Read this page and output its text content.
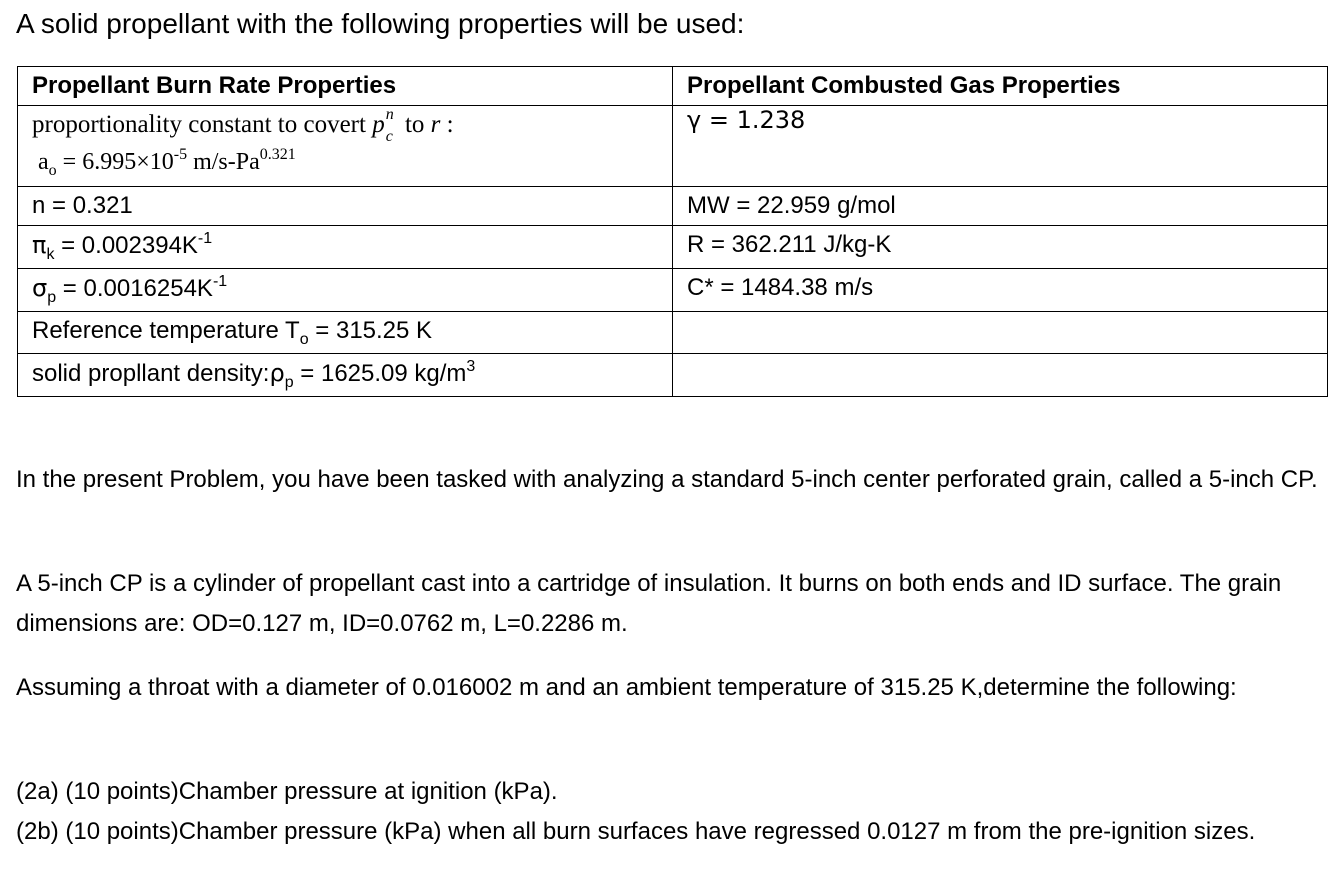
A solid propellant with the following properties will be used:
Propellant Burn Rate Properties	Propellant Combusted Gas Properties

proportionality constant to covert p n
c to r :
$a_o = 6.995\times 10^{-5}$ $m/s-Pa^{0.321}$	γ = 1.238
n = 0.321	MW = 22.959 g/mol
$\pi_k = 0.002394K^{-1}$	R = 362.211 J/kg-K
$\sigma_p = 0.0016254K^{-1}$	C* = 1484.38 m/s
Reference temperature $T_o = 315.25$ K	
solid propllant $density:\rho_p = 1625.09$ $kg/m^3$	
In the present Problem, you have been tasked with analyzing a standard 5-inch center perforated grain, called a 5-inch CP.
A 5-inch CP is a cylinder of propellant cast into a cartridge of insulation. It burns on both ends and ID surface. The grain dimensions are: OD=0.127 m, ID=0.0762 m, L=0.2286 m.
Assuming a throat with a diameter of 0.016002 m and an ambient temperature of 315.25 K,determine the following:
(2a) (10 points)Chamber pressure at ignition (kPa).
(2b) (10 points)Chamber pressure (kPa) when all burn surfaces have regressed 0.0127 m from the pre-ignition sizes.
